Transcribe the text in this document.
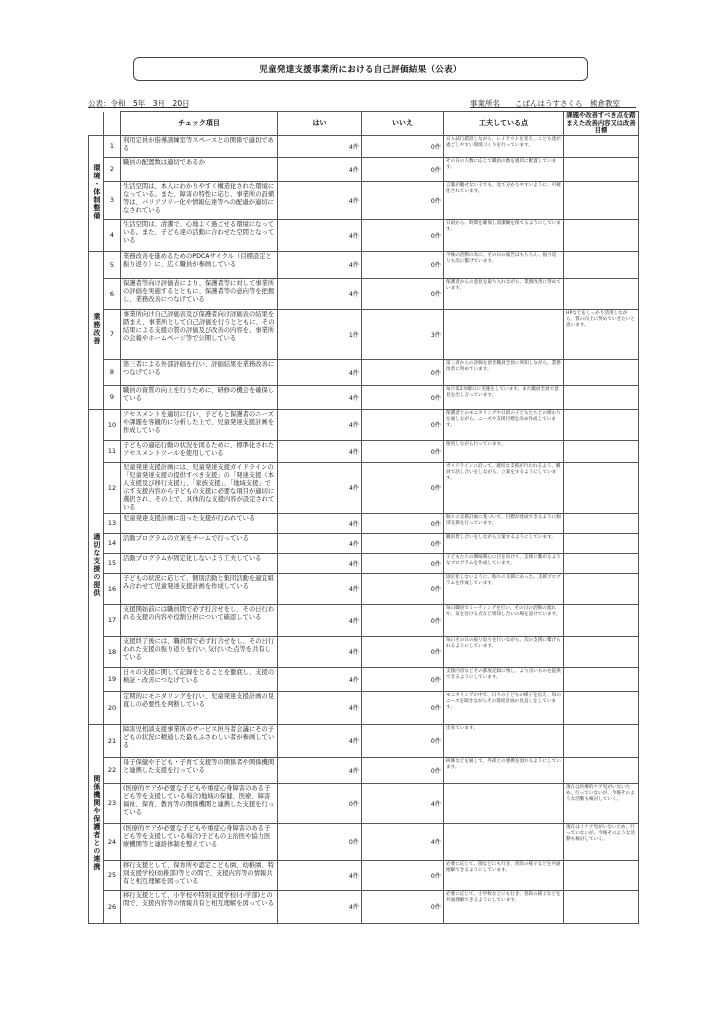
児童発達支援事業所における自己評価結果（公表）
公表：令和　5年　3月　20日	事業所名　　 こぱんはうすさくら　熊倉教室
		チェック項目	はい	いいえ	工夫している点	課題や改善すべき点を踏まえた改善内容又は改善目標
環境・体制整備	1	利用定員が指導訓練室等スペースとの関係で適切である	4件	0件	日々試行錯誤しながら、レイアウトを変え、こども達が過ごしやすい環境づくりを行っています。	
	2	職員の配置数は適切であるか	4件	0件	その日の人数に応じて職員の数を適切に配置しています。	
	3	生活空間は、本人にわかりやすく構造化された環境になっている。また、障害の特性に応じ、事業所の設備等は、バリアフリー化や情報伝達等への配慮が適切になされている	4件	0件	言葉が聴せない子でも、見て分かりやすいように、可視化されています。	
	4	生活空間は、清潔で、心地よく過ごせる環境になっている。また、子ども達の活動に合わせた空間となっている	4件	0件	日頃から、時間を確保し清潔観を保てるようにしています。	
業務改善	5	業務改善を進めるためのPDCAサイクル（目標設定と振り返り）に、広く職員が参画している	4件	0件	今後の活動の為に、その日の報告はもちろん、振り返りも次に繋げています。	
	6	保護者等向け評価表により、保護者等に対して事業所の評価を実施するとともに、保護者等の意向等を把握し、業務改善につなげている	4件	0件	保護者からの意見を取り入れながら、業務改善に努めています。	
	7	事業所向け自己評価表及び保護者向け評価表の結果を踏まえ、事業所として自己評価を行うとともに、その結果による支援の質の評価及び改善の内容を、事業所の会報やホームページ等で公開している	1件	3件		HPなどをしっかり活用しながら、質の向上に努めていきたいと思います。
	8	第三者による外部評価を行い、評価結果を業務改善につなげている	4件	0件	第三者からの評価を頂き職員全員に周知しながら、業務改善に努めています。	
	9	職員の資質の向上を行うために、研修の機会を確保している	4件	0件	毎月第2水曜日に実施をしています。また職員全員で意見を出し合っています。	
適切な支援の提供	10	アセスメントを適切に行い、子どもと保護者のニーズや課題を客観的に分析した上で、児童発達支援計画を作成している	4件	0件	保護者とのモニタリングや日頃の子どもたちとの関わりを通しながら、ニーズや支援目標を決め作成しています。	
	11	子どもの適応行動の状況を図るために、標準化されたアセスメントツールを使用している	4件	0件	使用しながら行っています。	
	12	児童発達支援計画には、児童発達支援ガイドラインの「児童発達支援の提供すべき支援」の「発達支援（本人支援及び移行支援）」、「家族支援」、「地域支援」で示す支援内容から子どもの支援に必要な項目が適切に選択され、その上で、具体的な支援内容が設定されている	4件	0件	ガイドラインに沿って、適切な支援が行われるよう、職員で話し合いをしながら、立案をするようにしています。	
	13	児童発達支援計画に沿った支援が行われている	4件	0件	個々の支援計画に基づいて、目標が達成できるように個別支援を行っています。	
	14	活動プログラムの立案をチームで行っている	4件	0件	職員皆し合いをしながら立案するようにしています。	
	15	活動プログラムが固定化しないよう工夫している	4件	0件	子どもたちの興味関心に目を向けて、支援に繋がるようなプログラムを作成しています。	
	16	子どもの状況に応じて、個別活動と集団活動を適宜組み合わせて児童発達支援計画を作成している	4件	0件	固定化しないように、個々の支援にあった、支援プログラムを作成しています。	
	17	支援開始前には職員間で必ず打合せをし、その日行われる支援の内容や役割分担について確認している	4件	0件	毎日職員でミーティングを行い、その日の活動の流れや、気を付ける点など周知し合いの場を設けています。	
	18	支援終了後には、職員間で必ず打合せをし、その日行われた支援の振り返りを行い､気付いた点等を共有している	4件	0件	毎日その日の振り返りを行いながら、次の支援に繋げられるようにしています。	
	19	日々の支援に関して記録をとることを徹底し、支援の検証・改善につなげている	4件	0件	支援内容などその都度記録に残し、より良いものを提供できるようにしています。	
	20	定期的にモニタリングを行い、児童発達支援計画の見直しの必要性を判断している	4件	0件	モニタリングの中で、日々の子どもの様子を伝え、毎のニーズを聞きながらその都度計画の見直しをしています。	
関係機関や保護者との連携	21	障害児相談支援事業所のサービス担当者会議にその子どもの状況に精通した最もふさわしい者が参画している	4件	0件	出来ています。	
	22	母子保健や子ども・子育て支援等の関係者や関係機関と連携した支援を行っている	4件	0件	研修などを通して、外部との連携を図れるようにしています。	
	23	(医療的ケアが必要な子どもや重症心身障害のある子ども等を支援している場合)地域の保健、医療、障害福祉、保育、教育等の関係機関と連携した支援を行っている	0件	4件		現在は医療的ケア児がいないため、行っていないが、今後そのような活動も検討していく。
	24	(医療的ケアが必要な子どもや重症心身障害のある子ども等を支援している場合)子どもの主治医や協力医療機関等と連絡体制を整えている	0件	4件		現在はイケア児がいないため、行っていないが、今後そのような活動も検討していく。
	25	移行支援として、保育所や認定こども園、幼稚園、特別支援学校(幼稚部)等との間で、支援内容等の情報共有と相互理解を図っている	4件	0件	必要に応じて、園などにも行き、普段の様子などを共通理解できるようにしています。	
	26	移行支援として、小学校や特別支援学校(小学部)との間で、支援内容等の情報共有と相互理解を図っている	4件	0件	必要に応じて、小学校などにも行き、普段の様子などを共通理解できるようにしています。	
